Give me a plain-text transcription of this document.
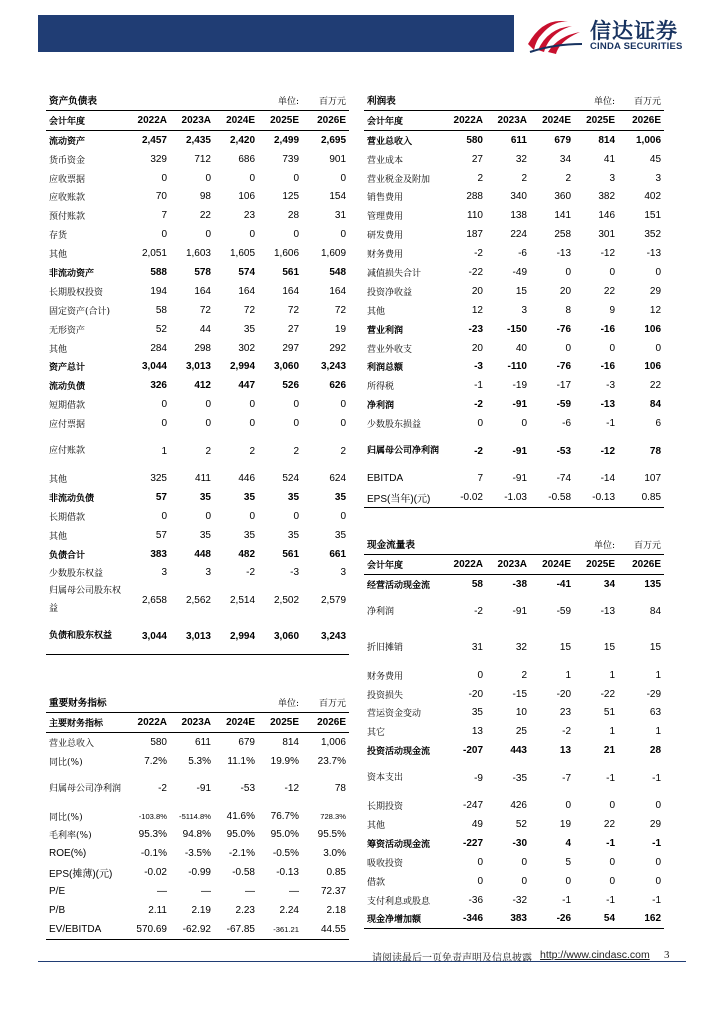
信达证券
CINDA SECURITIES
资产负债表				单位:	百万元
会计年度	2022A	2023A	2024E	2025E	2026E
流动资产	2,457	2,435	2,420	2,499	2,695
货币资金	329	712	686	739	901
应收票据	0	0	0	0	0
应收账款	70	98	106	125	154
预付账款	7	22	23	28	31
存货	0	0	0	0	0
其他	2,051	1,603	1,605	1,606	1,609
非流动资产	588	578	574	561	548
长期股权投资	194	164	164	164	164
固定资产(合计)	58	72	72	72	72
无形资产	52	44	35	27	19
其他	284	298	302	297	292
资产总计	3,044	3,013	2,994	3,060	3,243
流动负债	326	412	447	526	626
短期借款	0	0	0	0	0
应付票据	0	0	0	0	0
应付账款	1	2	2	2	2
其他	325	411	446	524	624
非流动负债	57	35	35	35	35
长期借款	0	0	0	0	0
其他	57	35	35	35	35
负债合计	383	448	482	561	661
少数股东权益	3	3	-2	-3	3
归属母公司股东权益	2,658	2,562	2,514	2,502	2,579
负债和股东权益	3,044	3,013	2,994	3,060	3,243
利润表				单位:	百万元
会计年度	2022A	2023A	2024E	2025E	2026E
营业总收入	580	611	679	814	1,006
营业成本	27	32	34	41	45
营业税金及附加	2	2	2	3	3
销售费用	288	340	360	382	402
管理费用	110	138	141	146	151
研发费用	187	224	258	301	352
财务费用	-2	-6	-13	-12	-13
减值损失合计	-22	-49	0	0	0
投资净收益	20	15	20	22	29
其他	12	3	8	9	12
营业利润	-23	-150	-76	-16	106
营业外收支	20	40	0	0	0
利润总额	-3	-110	-76	-16	106
所得税	-1	-19	-17	-3	22
净利润	-2	-91	-59	-13	84
少数股东损益	0	0	-6	-1	6
归属母公司净利润	-2	-91	-53	-12	78
EBITDA	7	-91	-74	-14	107
EPS(当年)(元)	-0.02	-1.03	-0.58	-0.13	0.85
现金流量表				单位:	百万元
会计年度	2022A	2023A	2024E	2025E	2026E
经营活动现金流	58	-38	-41	34	135
净利润	-2	-91	-59	-13	84
折旧摊销	31	32	15	15	15
财务费用	0	2	1	1	1
投资损失	-20	-15	-20	-22	-29
营运资金变动	35	10	23	51	63
其它	13	25	-2	1	1
投资活动现金流	-207	443	13	21	28
资本支出	-9	-35	-7	-1	-1
长期投资	-247	426	0	0	0
其他	49	52	19	22	29
筹资活动现金流	-227	-30	4	-1	-1
吸收投资	0	0	5	0	0
借款	0	0	0	0	0
支付利息或股息	-36	-32	-1	-1	-1
现金净增加额	-346	383	-26	54	162
重要财务指标				单位:	百万元
主要财务指标	2022A	2023A	2024E	2025E	2026E
营业总收入	580	611	679	814	1,006
同比(%)	7.2%	5.3%	11.1%	19.9%	23.7%
归属母公司净利润	-2	-91	-53	-12	78
同比(%)	-103.8%	-5114.8%	41.6%	76.7%	728.3%
毛利率(%)	95.3%	94.8%	95.0%	95.0%	95.5%
ROE(%)	-0.1%	-3.5%	-2.1%	-0.5%	3.0%
EPS(摊薄)(元)	-0.02	-0.99	-0.58	-0.13	0.85
P/E	—	—	—	—	72.37
P/B	2.11	2.19	2.23	2.24	2.18
EV/EBITDA	570.69	-62.92	-67.85	-361.21	44.55
请阅读最后一页免责声明及信息披露 http://www.cindasc.com 3
